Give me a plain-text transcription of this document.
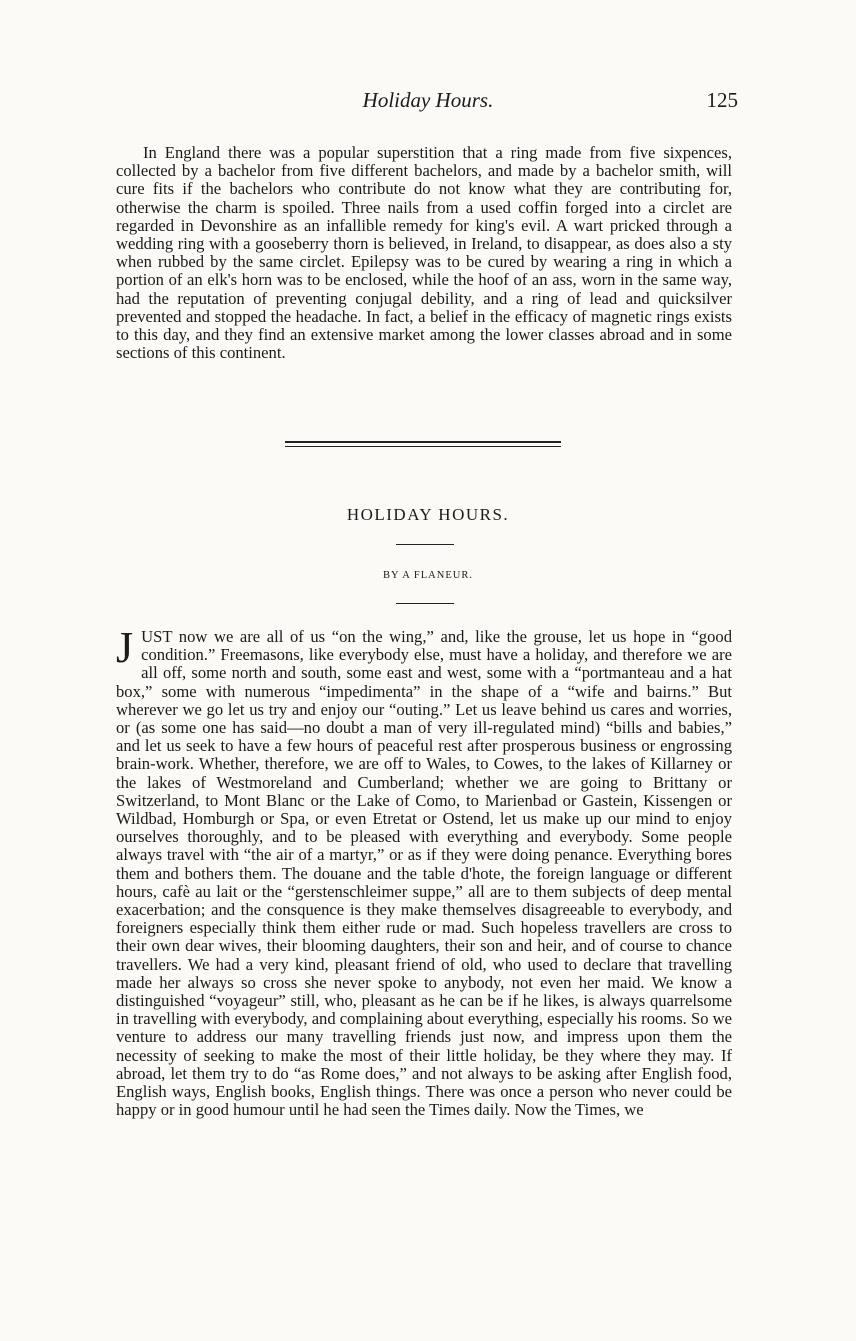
Holiday Hours.	125

In England there was a popular superstition that a ring made from five sixpences, collected by a bachelor from five different bachelors, and made by a bachelor smith, will cure fits if the bachelors who contribute do not know what they are contributing for, otherwise the charm is spoiled. Three nails from a used coffin forged into a circlet are regarded in Devonshire as an infallible remedy for king's evil. A wart pricked through a wedding ring with a gooseberry thorn is believed, in Ireland, to disappear, as does also a sty when rubbed by the same circlet. Epilepsy was to be cured by wearing a ring in which a portion of an elk's horn was to be enclosed, while the hoof of an ass, worn in the same way, had the reputation of preventing conjugal debility, and a ring of lead and quicksilver prevented and stopped the headache. In fact, a belief in the efficacy of magnetic rings exists to this day, and they find an extensive market among the lower classes abroad and in some sections of this continent.

HOLIDAY HOURS.
BY A FLANEUR.

JUST now we are all of us “on the wing,” and, like the grouse, let us hope in “good condition.” Freemasons, like everybody else, must have a holiday, and therefore we are all off, some north and south, some east and west, some with a “portmanteau and a hat box,” some with numerous “impedimenta” in the shape of a “wife and bairns.” But wherever we go let us try and enjoy our “outing.” Let us leave behind us cares and worries, or (as some one has said—no doubt a man of very ill-regulated mind) “bills and babies,” and let us seek to have a few hours of peaceful rest after prosperous business or engrossing brain-work. Whether, therefore, we are off to Wales, to Cowes, to the lakes of Killarney or the lakes of Westmoreland and Cumberland; whether we are going to Brittany or Switzerland, to Mont Blanc or the Lake of Como, to Marienbad or Gastein, Kissengen or Wildbad, Homburgh or Spa, or even Etretat or Ostend, let us make up our mind to enjoy ourselves thoroughly, and to be pleased with everything and everybody. Some people always travel with “the air of a martyr,” or as if they were doing penance. Everything bores them and bothers them. The douane and the table d'hote, the foreign language or different hours, cafè au lait or the “gerstenschleimer suppe,” all are to them subjects of deep mental exacerbation; and the consquence is they make themselves disagreeable to everybody, and foreigners especially think them either rude or mad. Such hopeless travellers are cross to their own dear wives, their blooming daughters, their son and heir, and of course to chance travellers. We had a very kind, pleasant friend of old, who used to declare that travelling made her always so cross she never spoke to anybody, not even her maid. We know a distinguished “voyageur” still, who, pleasant as he can be if he likes, is always quarrelsome in travelling with everybody, and complaining about everything, especially his rooms. So we venture to address our many travelling friends just now, and impress upon them the necessity of seeking to make the most of their little holiday, be they where they may. If abroad, let them try to do “as Rome does,” and not always to be asking after English food, English ways, English books, English things. There was once a person who never could be happy or in good humour until he had seen the Times daily. Now the Times, we
